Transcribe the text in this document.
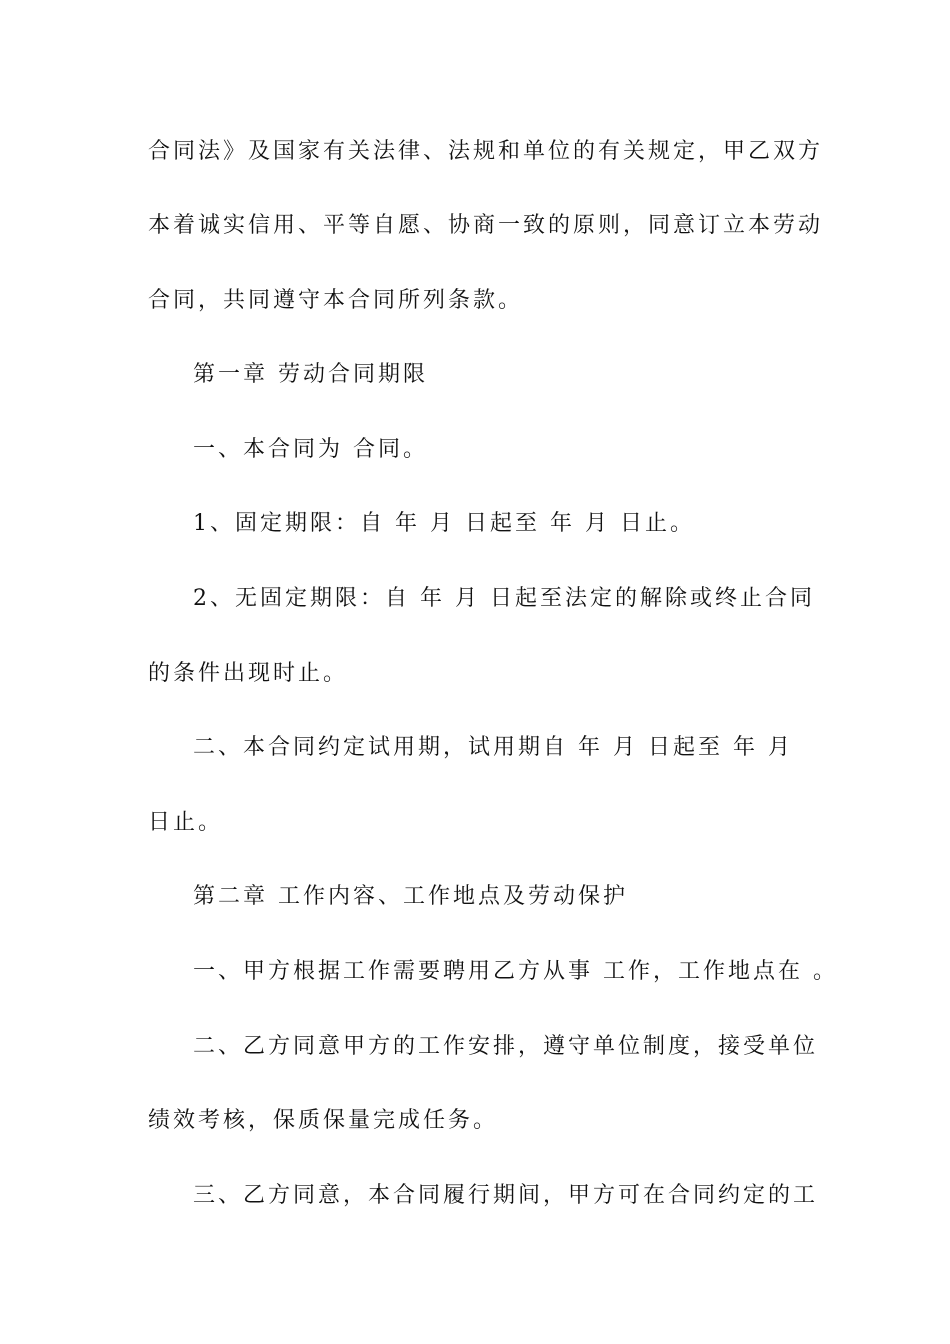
合同法》及国家有关法律、法规和单位的有关规定，甲乙双方
本着诚实信用、平等自愿、协商一致的原则，同意订立本劳动
合同，共同遵守本合同所列条款。
第一章 劳动合同期限
一、本合同为 合同。
1、固定期限：自 年 月 日起至 年 月 日止。
2、无固定期限：自 年 月 日起至法定的解除或终止合同
的条件出现时止。
二、本合同约定试用期，试用期自 年 月 日起至 年 月
日止。
第二章 工作内容、工作地点及劳动保护
一、甲方根据工作需要聘用乙方从事 工作，工作地点在 。
二、乙方同意甲方的工作安排，遵守单位制度，接受单位
绩效考核，保质保量完成任务。
三、乙方同意，本合同履行期间，甲方可在合同约定的工
